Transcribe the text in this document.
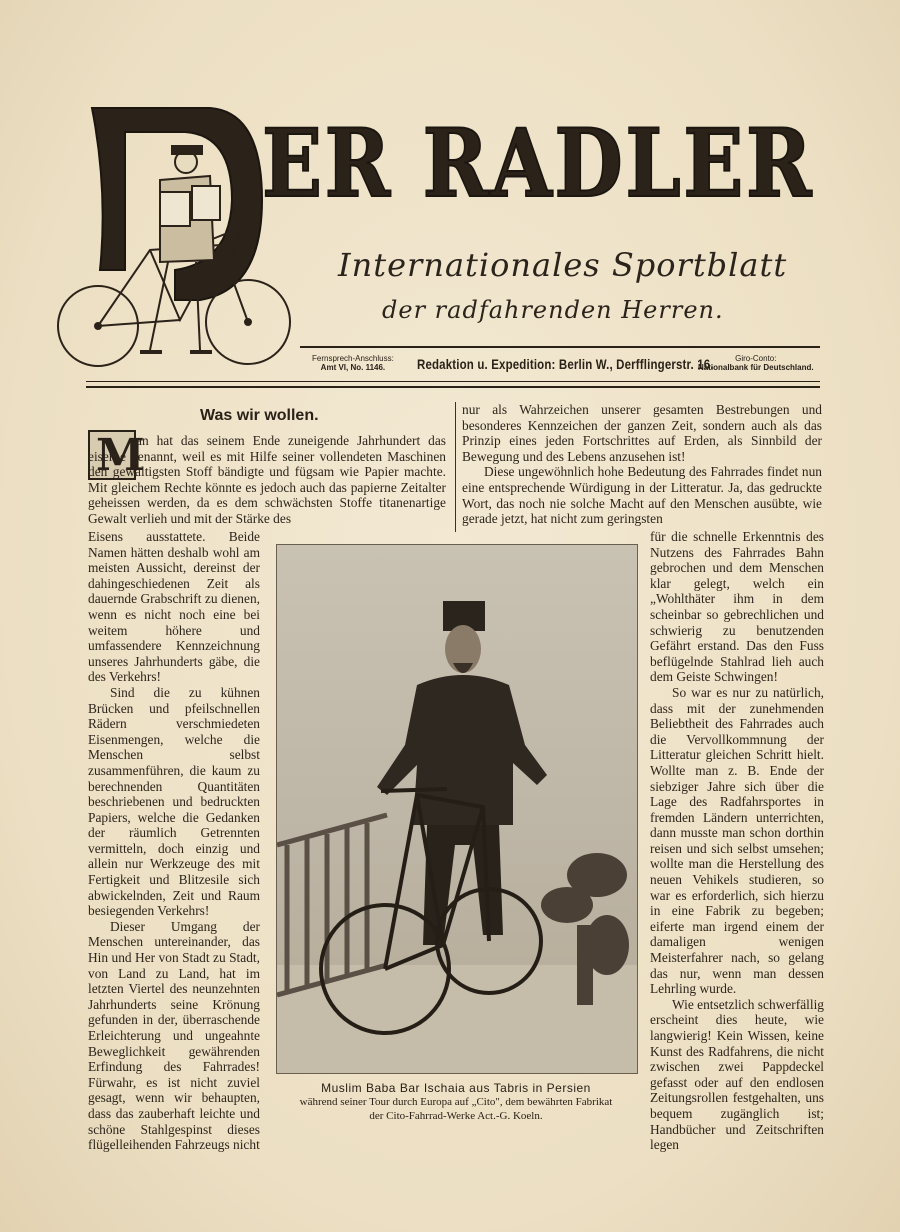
Peter Gött
ER RADLER
Internationales Sportblatt
der radfahrenden Herren.
Fernsprech-Anschluss:
Amt VI, No. 1146.	Redaktion u. Expedition: Berlin W., Derfflingerstr. 16.	Giro-Conto:
Nationalbank für Deutschland.
Was wir wollen.
M

an hat das seinem Ende zuneigende Jahrhundert das eiserne genannt, weil es mit Hilfe seiner vollendeten Maschinen den gewaltigsten Stoff bändigte und fügsam wie Papier machte. Mit gleichem Rechte könnte es jedoch auch das papierne Zeitalter geheissen werden, da es dem schwächsten Stoffe titanenartige Gewalt verlieh und mit der Stärke des

Eisens ausstattete. Beide Namen hätten deshalb wohl am meisten Aussicht, dereinst der dahingeschiedenen Zeit als dauernde Grabschrift zu dienen, wenn es nicht noch eine bei weitem höhere und umfassendere Kennzeichnung unseres Jahrhunderts gäbe, die des Verkehrs!

Sind die zu kühnen Brücken und pfeilschnellen Rädern verschmiedeten Eisenmengen, welche die Menschen selbst zusammenführen, die kaum zu berechnenden Quantitäten beschriebenen und bedruckten Papiers, welche die Gedanken der räumlich Getrennten vermitteln, doch einzig und allein nur Werkzeuge des mit Fertigkeit und Blitzesile sich abwickelnden, Zeit und Raum besiegenden Verkehrs!

Dieser Umgang der Menschen untereinander, das Hin und Her von Stadt zu Stadt, von Land zu Land, hat im letzten Viertel des neunzehnten Jahrhunderts seine Krönung gefunden in der, überraschende Erleichterung und ungeahnte Beweglichkeit gewährenden Erfindung des Fahrrades! Fürwahr, es ist nicht zuviel gesagt, wenn wir behaupten, dass das zauberhaft leichte und schöne Stahlgespinst dieses flügelleihenden Fahrzeugs nicht

nur als Wahrzeichen unserer gesamten Bestrebungen und besonderes Kennzeichen der ganzen Zeit, sondern auch als das Prinzip eines jeden Fortschrittes auf Erden, als Sinnbild der Bewegung und des Lebens anzusehen ist!

Diese ungewöhnlich hohe Bedeutung des Fahrrades findet nun eine entsprechende Würdigung in der Litteratur. Ja, das gedruckte Wort, das noch nie solche Macht auf den Menschen ausübte, wie gerade jetzt, hat nicht zum geringsten

für die schnelle Erkenntnis des Nutzens des Fahrrades Bahn gebrochen und dem Menschen klar gelegt, welch ein „Wohlthäter ihm in dem scheinbar so gebrechlichen und schwierig zu benutzenden Gefährt erstand. Das den Fuss beflügelnde Stahlrad lieh auch dem Geiste Schwingen!

So war es nur zu natürlich, dass mit der zunehmenden Beliebtheit des Fahrrades auch die Vervollkommnung der Litteratur gleichen Schritt hielt. Wollte man z. B. Ende der siebziger Jahre sich über die Lage des Radfahrsportes in fremden Ländern unterrichten, dann musste man schon dorthin reisen und sich selbst umsehen; wollte man die Herstellung des neuen Vehikels studieren, so war es erforderlich, sich hierzu in eine Fabrik zu begeben; eiferte man irgend einem der damaligen wenigen Meisterfahrer nach, so gelang das nur, wenn man dessen Lehrling wurde.

Wie entsetzlich schwerfällig erscheint dies heute, wie langwierig! Kein Wissen, keine Kunst des Radfahrens, die nicht zwischen zwei Pappdeckel gefasst oder auf den endlosen Zeitungsrollen festgehalten, uns bequem zugänglich ist; Handbücher und Zeitschriften legen

Muslim Baba Bar Ischaia aus Tabris in Persien
während seiner Tour durch Europa auf „Cito", dem bewährten Fabrikat
der Cito-Fahrrad-Werke Act.-G. Koeln.
